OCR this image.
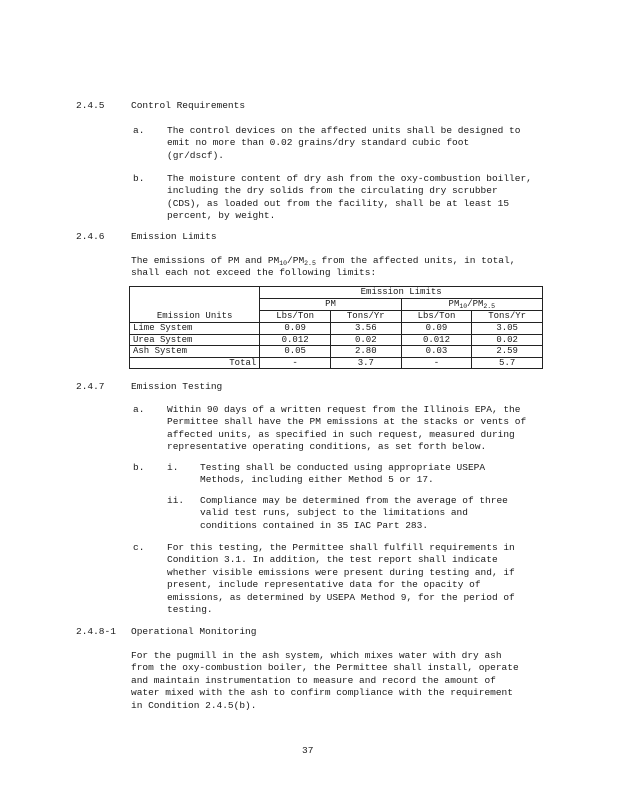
2.4.5	Control Requirements
a. The control devices on the affected units shall be designed to
emit no more than 0.02 grains/dry standard cubic foot
(gr/dscf).
b. The moisture content of dry ash from the oxy-combustion boiller,
including the dry solids from the circulating dry scrubber
(CDS), as loaded out from the facility, shall be at least 15
percent, by weight.
2.4.6	Emission Limits
The emissions of PM and $PM_{10}/PM_{2.5}$ from the affected units, in total,
shall each not exceed the following limits:
	Emission Limits			
	PM		$PM_{10}/PM_{2.5}$
Emission Units	Lbs/Ton	Tons/Yr	Lbs/Ton	Tons/Yr
Lime System	0.09	3.56	0.09	3.05
Urea System	0.012	0.02	0.012	0.02
Ash System	0.05	2.80	0.03	2.59
Total	-	3.7	-	5.7
2.4.7	Emission Testing
a. Within 90 days of a written request from the Illinois EPA, the
Permittee shall have the PM emissions at the stacks or vents of
affected units, as specified in such request, measured during
representative operating conditions, as set forth below.
b. i. Testing shall be conducted using appropriate USEPA
Methods, including either Method 5 or 17.
ii. Compliance may be determined from the average of three
valid test runs, subject to the limitations and
conditions contained in 35 IAC Part 283.
c. For this testing, the Permittee shall fulfill requirements in
Condition 3.1. In addition, the test report shall indicate
whether visible emissions were present during testing and, if
present, include representative data for the opacity of
emissions, as determined by USEPA Method 9, for the period of
testing.
2.4.8-1 Operational Monitoring
For the pugmill in the ash system, which mixes water with dry ash
from the oxy-combustion boiler, the Permittee shall install, operate
and maintain instrumentation to measure and record the amount of
water mixed with the ash to confirm compliance with the requirement
in Condition 2.4.5(b).
37
